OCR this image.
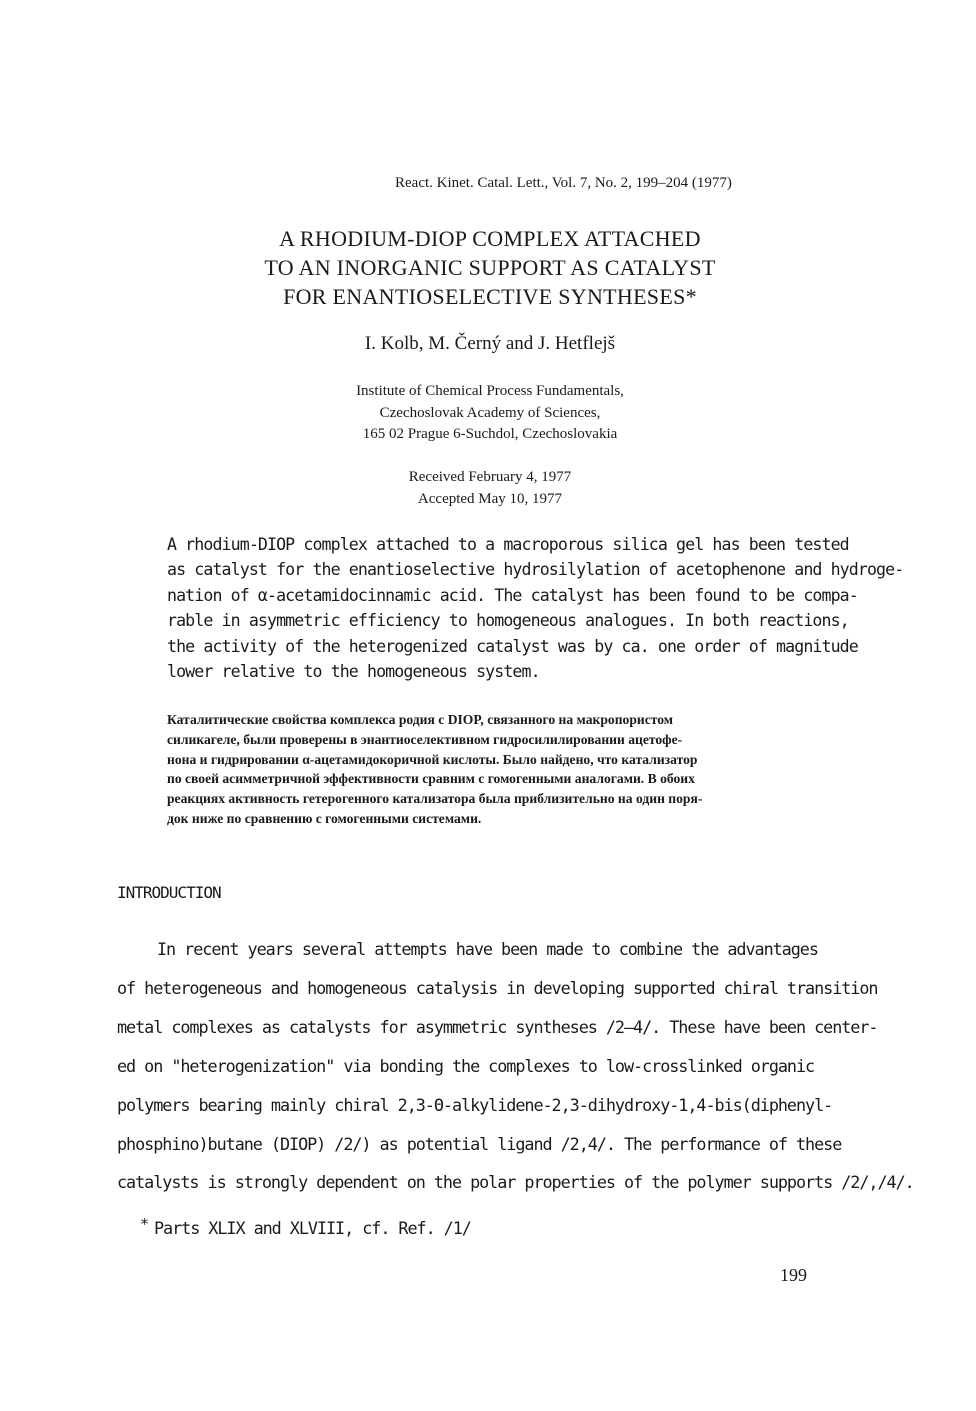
React. Kinet. Catal. Lett., Vol. 7, No. 2, 199–204 (1977)
A RHODIUM-DIOP COMPLEX ATTACHED
TO AN INORGANIC SUPPORT AS CATALYST
FOR ENANTIOSELECTIVE SYNTHESES*
I. Kolb, M. Černý and J. Hetflejš
Institute of Chemical Process Fundamentals,
Czechoslovak Academy of Sciences,
165 02 Prague 6-Suchdol, Czechoslovakia
Received February 4, 1977
Accepted May 10, 1977
A rhodium-DIOP complex attached to a macroporous silica gel has been tested
as catalyst for the enantioselective hydrosilylation of acetophenone and hydroge-
nation of α-acetamidocinnamic acid. The catalyst has been found to be compa-
rable in asymmetric efficiency to homogeneous analogues. In both reactions,
the activity of the heterogenized catalyst was by ca. one order of magnitude
lower relative to the homogeneous system.
Каталитические свойства комплекса родия с DIOP, связанного на макропористом
силикагеле, были проверены в энантиоселективном гидросилилировании ацетофе-
нона и гидрировании α-ацетамидокоричной кислоты. Было найдено, что катализатор
по своей асимметричной эффективности сравним с гомогенными аналогами. В обоих
реакциях активность гетерогенного катализатора была приблизительно на один поря-
док ниже по сравнению с гомогенными системами.
INTRODUCTION
In recent years several attempts have been made to combine the advantages
of heterogeneous and homogeneous catalysis in developing supported chiral transition
metal complexes as catalysts for asymmetric syntheses /2–4/. These have been center-
ed on "heterogenization" via bonding the complexes to low-crosslinked organic
polymers bearing mainly chiral 2,3-Θ-alkylidene-2,3-dihydroxy-1,4-bis(diphenyl-
phosphino)butane (DIOP) /2/) as potential ligand /2,4/. The performance of these
catalysts is strongly dependent on the polar properties of the polymer supports /2/,/4/.
* Parts XLIX and XLVIII, cf. Ref. /1/
199
